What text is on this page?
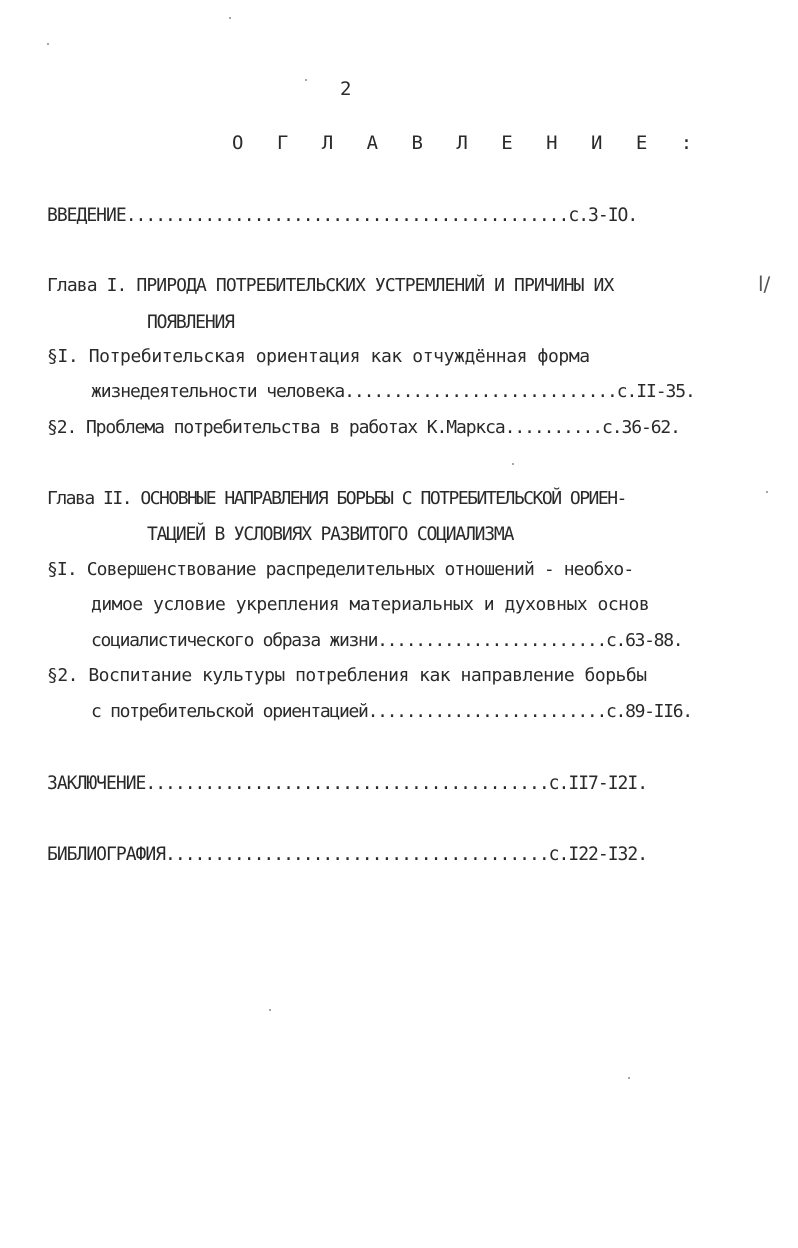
2
О Г Л А В Л Е Н И Е :
ВВЕДЕНИЕ.............................................с.3-IO.
Глава I. ПРИРОДА ПОТРЕБИТЕЛЬСКИХ УСТРЕМЛЕНИЙ И ПРИЧИНЫ ИХ
ПОЯВЛЕНИЯ
§I. Потребительская ориентация как отчуждённая форма
жизнедеятельности человека............................с.II-35.
§2. Проблема потребительства в работах К.Маркса..........с.36-62.
Глава II. ОСНОВНЫЕ НАПРАВЛЕНИЯ БОРЬБЫ С ПОТРЕБИТЕЛЬСКОЙ ОРИЕН-
ТАЦИЕЙ В УСЛОВИЯХ РАЗВИТОГО СОЦИАЛИЗМА
§I. Совершенствование распределительных отношений - необхо-
димое условие укрепления материальных и духовных основ
социалистического образа жизни........................с.63-88.
§2. Воспитание культуры потребления как направление борьбы
с потребительской ориентацией.........................с.89-II6.
ЗАКЛЮЧЕНИЕ.........................................с.II7-I2I.
БИБЛИОГРАФИЯ.......................................с.I22-I32.
ⅼ∕
